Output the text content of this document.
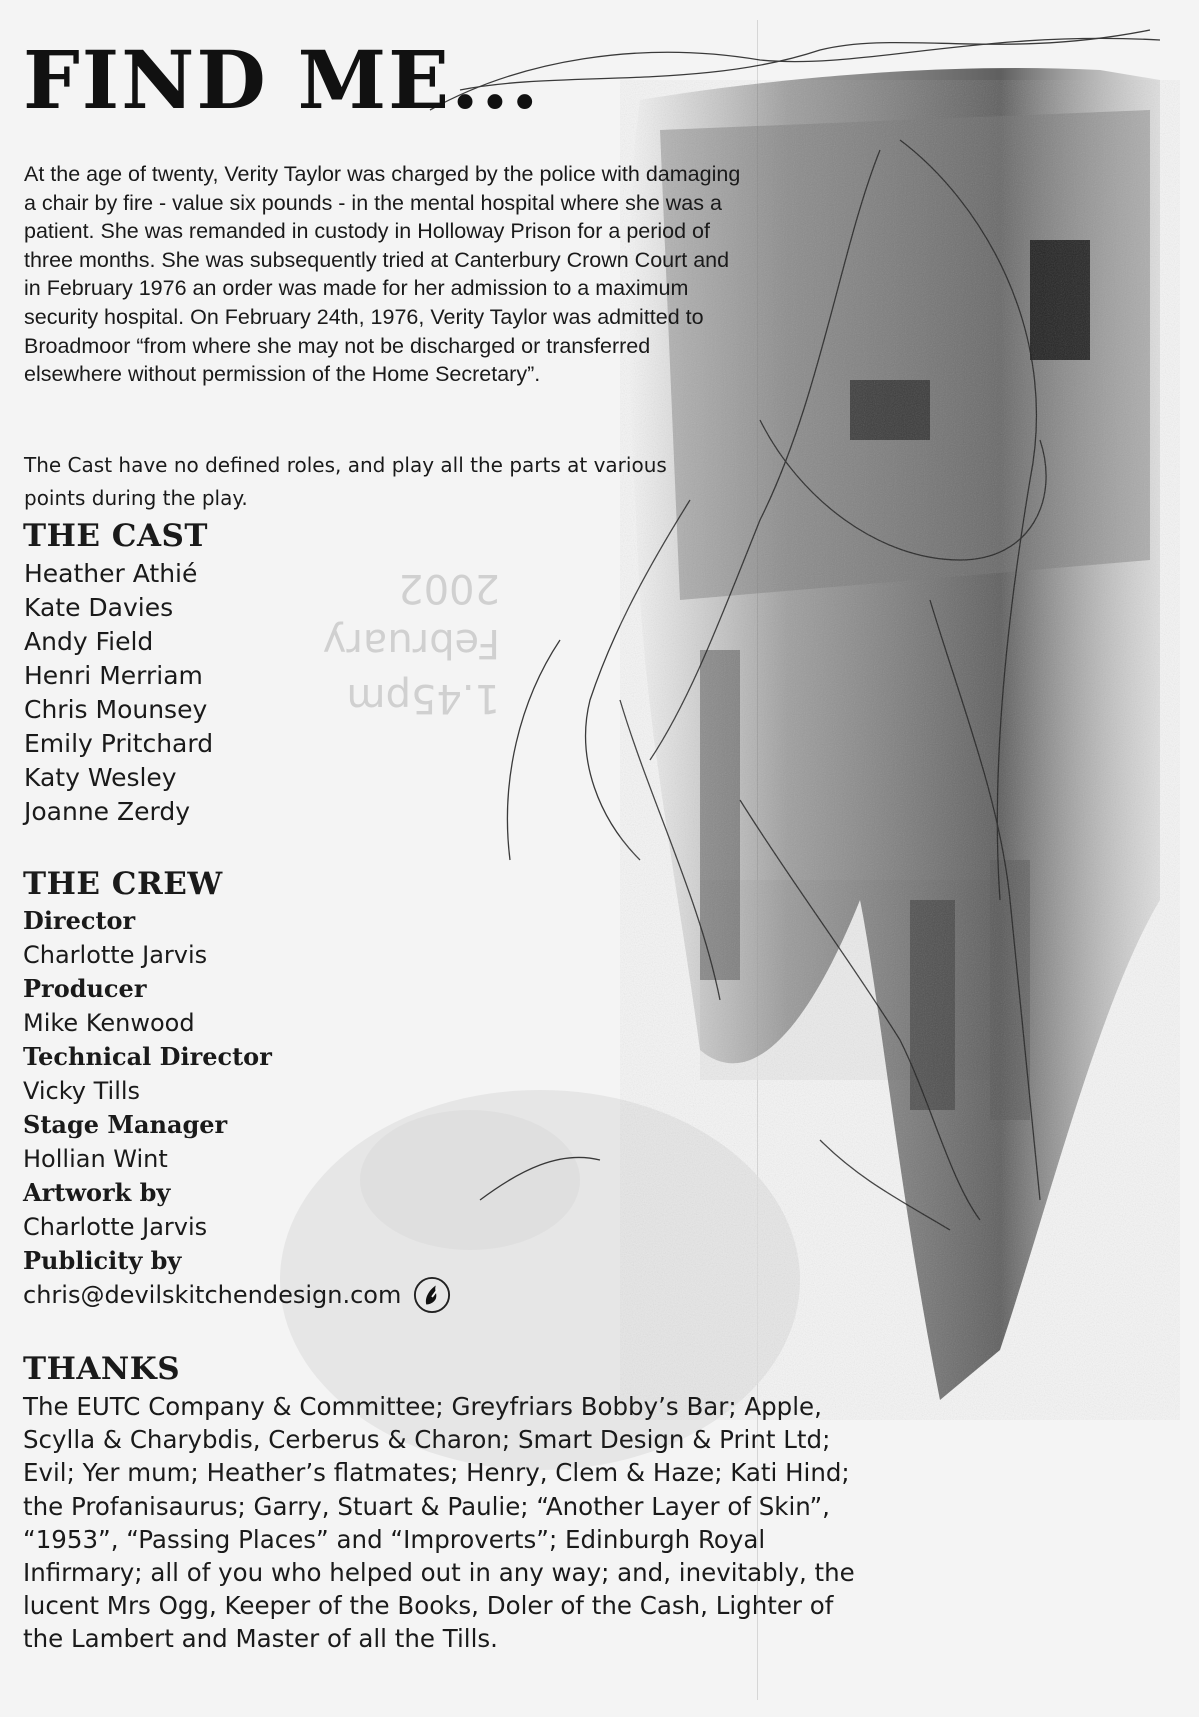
1.45pm
February
2002
FIND ME...

At the age of twenty, Verity Taylor was charged by the police with damaging a chair by fire - value six pounds - in the mental hospital where she was a patient. She was remanded in custody in Holloway Prison for a period of three months. She was subsequently tried at Canterbury Crown Court and in February 1976 an order was made for her admission to a maximum security hospital. On February 24th, 1976, Verity Taylor was admitted to Broadmoor “from where she may not be discharged or transferred elsewhere without permission of the Home Secretary”.

The Cast have no defined roles, and play all the parts at various points during the play.

THE CAST
Heather Athié
Kate Davies
Andy Field
Henri Merriam
Chris Mounsey
Emily Pritchard
Katy Wesley
Joanne Zerdy
THE CREW
Director
Charlotte Jarvis
Producer
Mike Kenwood
Technical Director
Vicky Tills
Stage Manager
Hollian Wint
Artwork by
Charlotte Jarvis
Publicity by
chris@devilskitchendesign.com
THANKS

The EUTC Company & Committee; Greyfriars Bobby’s Bar; Apple, Scylla & Charybdis, Cerberus & Charon; Smart Design & Print Ltd; Evil; Yer mum; Heather’s flatmates; Henry, Clem & Haze; Kati Hind; the Profanisaurus; Garry, Stuart & Paulie; “Another Layer of Skin”, “1953”, “Passing Places” and “Improverts”; Edinburgh Royal Infirmary; all of you who helped out in any way; and, inevitably, the lucent Mrs Ogg, Keeper of the Books, Doler of the Cash, Lighter of the Lambert and Master of all the Tills.
